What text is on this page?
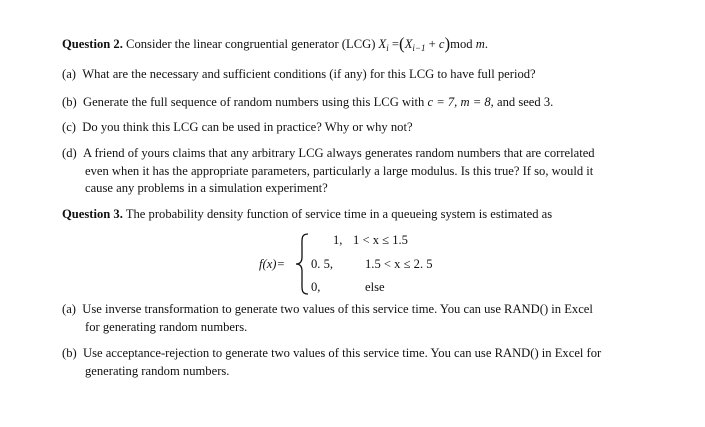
Question 2. Consider the linear congruential generator (LCG) $X_i =(X_{i-1} + c)mod$ m.
(a) What are the necessary and sufficient conditions (if any) for this LCG to have full period?
(b) Generate the full sequence of random numbers using this LCG with c = 7, m = 8, and seed 3.
(c) Do you think this LCG can be used in practice? Why or why not?
(d) A friend of yours claims that any arbitrary LCG always generates random numbers that are correlated
even when it has the appropriate parameters, particularly a large modulus. Is this true? If so, would it
cause any problems in a simulation experiment?
Question 3. The probability density function of service time in a queueing system is estimated as
f(x)=
1, 1 < x ≤ 1.5
0. 5,	1.5 < x ≤ 2. 5
0,	else
(a) Use inverse transformation to generate two values of this service time. You can use RAND() in Excel
for generating random numbers.
(b) Use acceptance-rejection to generate two values of this service time. You can use RAND() in Excel for
generating random numbers.
